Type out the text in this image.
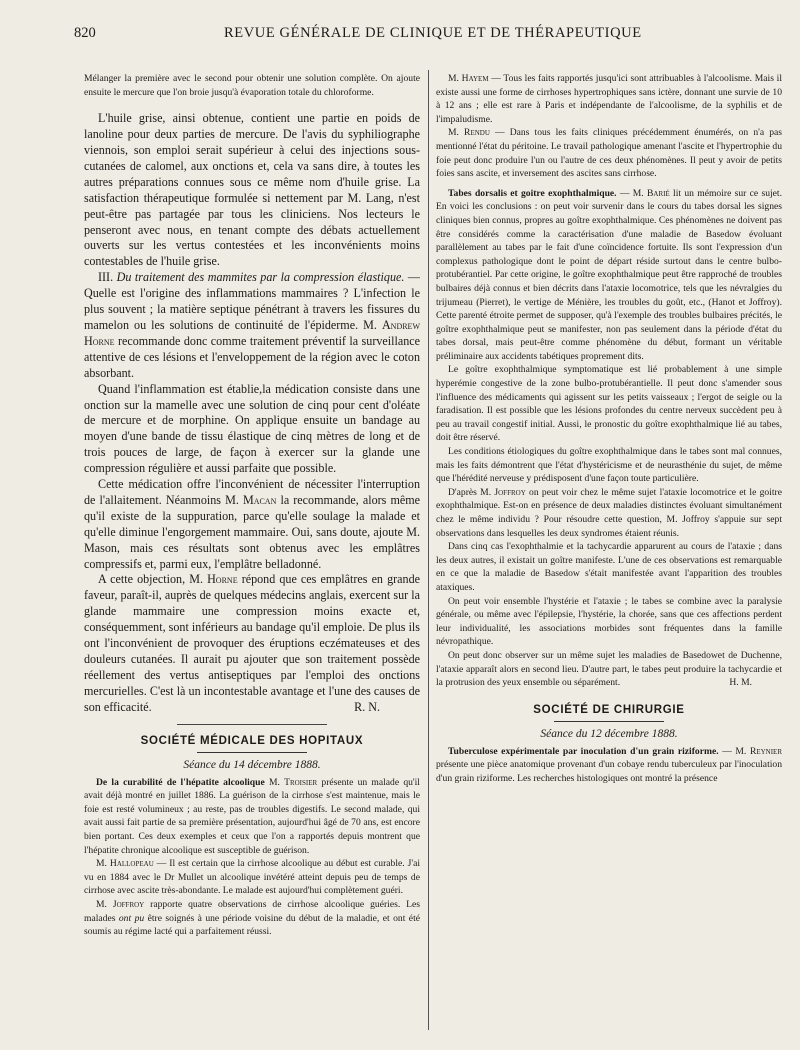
820	REVUE GÉNÉRALE DE CLINIQUE ET DE THÉRAPEUTIQUE

Mélanger la première avec le second pour obtenir une solution complète. On ajoute ensuite le mercure que l'on broie jusqu'à évaporation totale du chloroforme.

L'huile grise, ainsi obtenue, contient une partie en poids de lanoline pour deux parties de mercure. De l'avis du syphiliographe viennois, son emploi serait supérieur à celui des injections sous-cutanées de calomel, aux onctions et, cela va sans dire, à toutes les autres préparations connues sous ce même nom d'huile grise. La satisfaction thérapeutique formulée si nettement par M. Lang, n'est peut-être pas partagée par tous les cliniciens. Nos lecteurs le penseront avec nous, en tenant compte des débats actuellement ouverts sur les vertus contestées et les inconvénients moins contestables de l'huile grise.

III. Du traitement des mammites par la compression élastique. — Quelle est l'origine des inflammations mammaires ? L'infection le plus souvent ; la matière septique pénétrant à travers les fissures du mamelon ou les solutions de continuité de l'épiderme. M. Andrew Horne recommande donc comme traitement préventif la surveillance attentive de ces lésions et l'enveloppement de la région avec le coton absorbant.

Quand l'inflammation est établie,la médication consiste dans une onction sur la mamelle avec une solution de cinq pour cent d'oléate de mercure et de morphine. On applique ensuite un bandage au moyen d'une bande de tissu élastique de cinq mètres de long et de trois pouces de large, de façon à exercer sur la glande une compression régulière et aussi parfaite que possible.

Cette médication offre l'inconvénient de nécessiter l'interruption de l'allaitement. Néanmoins M. Macan la recommande, alors même qu'il existe de la suppuration, parce qu'elle soulage la malade et qu'elle diminue l'engorgement mammaire. Oui, sans doute, ajoute M. Mason, mais ces résultats sont obtenus avec les emplâtres compressifs et, parmi eux, l'emplâtre belladonné.

A cette objection, M. Horne répond que ces emplâtres en grande faveur, paraît-il, auprès de quelques médecins anglais, exercent sur la glande mammaire une compression moins exacte et, conséquemment, sont inférieurs au bandage qu'il emploie. De plus ils ont l'inconvénient de provoquer des éruptions eczémateuses et des douleurs cutanées. Il aurait pu ajouter que son traitement possède réellement des vertus antiseptiques par l'emploi des onctions mercurielles. C'est là un incontestable avantage et l'une des causes de son efficacité.	R. N.

SOCIÉTÉ MÉDICALE DES HOPITAUX
Séance du 14 décembre 1888.

De la curabilité de l'hépatite alcoolique M. Troisier présente un malade qu'il avait déjà montré en juillet 1886. La guérison de la cirrhose s'est maintenue, mais le foie est resté volumineux ; au reste, pas de troubles digestifs. Le second malade, qui avait aussi fait partie de sa première présentation, aujourd'hui âgé de 70 ans, est encore bien portant. Ces deux exemples et ceux que l'on a rapportés depuis montrent que l'hépatite chronique alcoolique est susceptible de guérison.

M. Hallopeau — Il est certain que la cirrhose alcoolique au début est curable. J'ai vu en 1884 avec le Dr Mullet un alcoolique invétéré atteint depuis peu de temps de cirrhose avec ascite très-abondante. Le malade est aujourd'hui complètement guéri.

M. Joffroy rapporte quatre observations de cirrhose alcoolique guéries. Les malades ont pu être soignés à une période voisine du début de la maladie, et ont été soumis au régime lacté qui a parfaitement réussi.

M. Hayem — Tous les faits rapportés jusqu'ici sont attribuables à l'alcoolisme. Mais il existe aussi une forme de cirrhoses hypertrophiques sans ictère, donnant une survie de 10 à 12 ans ; elle est rare à Paris et indépendante de l'alcoolisme, de la syphilis et de l'impaludisme.

M. Rendu — Dans tous les faits cliniques précédemment énumérés, on n'a pas mentionné l'état du péritoine. Le travail pathologique amenant l'ascite et l'hypertrophie du foie peut donc produire l'un ou l'autre de ces deux phénomènes. Il peut y avoir de petits foies sans ascite, et inversement des ascites sans cirrhose.

Tabes dorsalis et goitre exophthalmique. — M. Barié lit un mémoire sur ce sujet. En voici les conclusions : on peut voir survenir dans le cours du tabes dorsal les signes cliniques bien connus, propres au goître exophthalmique. Ces phénomènes ne doivent pas être considérés comme la caractérisation d'une maladie de Basedow évoluant parallèlement au tabes par le fait d'une coïncidence fortuite. Ils sont l'expression d'un complexus pathologique dont le point de départ réside surtout dans le centre bulbo-protubérantiel. Par cette origine, le goître exophthalmique peut être rapproché de troubles bulbaires déjà connus et bien décrits dans l'ataxie locomotrice, tels que les névralgies du trijumeau (Pierret), le vertige de Ménière, les troubles du goût, etc., (Hanot et Joffroy). Cette parenté étroite permet de supposer, qu'à l'exemple des troubles bulbaires précités, le goître exophthalmique peut se manifester, non pas seulement dans la période d'état du tabes dorsal, mais peut-être comme phénomène du début, formant un véritable préliminaire aux accidents tabétiques proprement dits.

Le goître exophthalmique symptomatique est lié probablement à une simple hyperémie congestive de la zone bulbo-protubérantielle. Il peut donc s'amender sous l'influence des médicaments qui agissent sur les petits vaisseaux ; l'ergot de seigle ou la faradisation. Il est possible que les lésions profondes du centre nerveux succèdent peu à peu au travail congestif initial. Aussi, le pronostic du goître exophthalmique lié au tabes, doit être réservé.

Les conditions étiologiques du goître exophthalmique dans le tabes sont mal connues, mais les faits démontrent que l'état d'hystéricisme et de neurasthénie du sujet, de même que l'hérédité nerveuse y prédisposent d'une façon toute particulière.

D'après M. Joffroy on peut voir chez le même sujet l'ataxie locomotrice et le goitre exophthalmique. Est-on en présence de deux maladies distinctes évoluant simultanément chez le même individu ? Pour résoudre cette question, M. Joffroy s'appuie sur sept observations dans lesquelles les deux syndromes étaient réunis.

Dans cinq cas l'exophthalmie et la tachycardie apparurent au cours de l'ataxie ; dans les deux autres, il existait un goître manifeste. L'une de ces observations est remarquable en ce que la maladie de Basedow s'était manifestée avant l'apparition des troubles ataxiques.

On peut voir ensemble l'hystérie et l'ataxie ; le tabes se combine avec la paralysie générale, ou même avec l'épilepsie, l'hystérie, la chorée, sans que ces affections perdent leur individualité, les associations morbides sont fréquentes dans la famille névropathique.

On peut donc observer sur un même sujet les maladies de Basedowet de Duchenne, l'ataxie apparaît alors en second lieu. D'autre part, le tabes peut produire la tachycardie et la protrusion des yeux ensemble ou séparément.	H. M.

SOCIÉTÉ DE CHIRURGIE
Séance du 12 décembre 1888.

Tuberculose expérimentale par inoculation d'un grain riziforme. — M. Reynier présente une pièce anatomique provenant d'un cobaye rendu tuberculeux par l'inoculation d'un grain riziforme. Les recherches histologiques ont montré la présence
